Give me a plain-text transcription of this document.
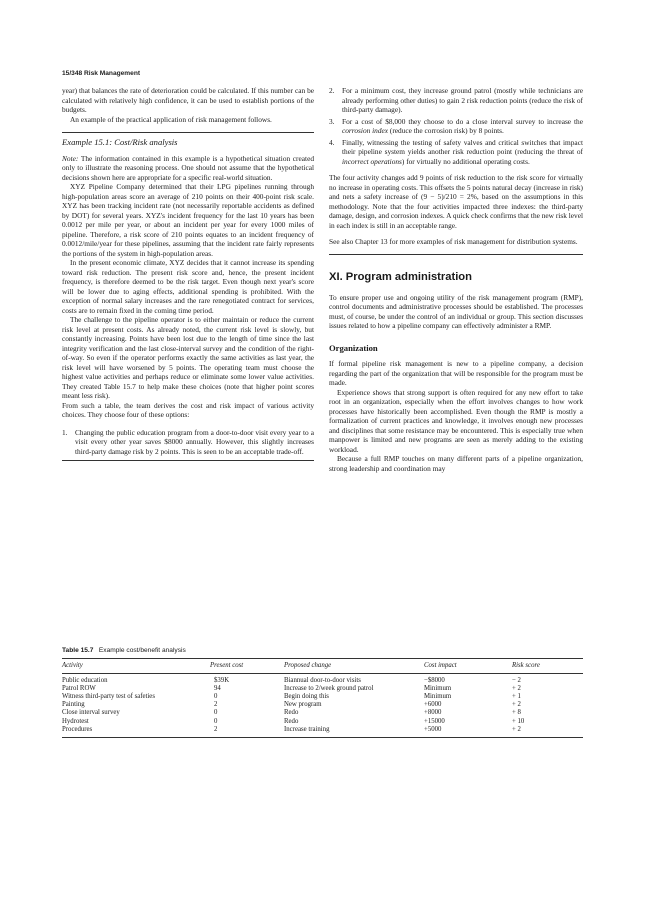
15/348 Risk Management

year) that balances the rate of deterioration could be calculated. If this number can be calculated with relatively high confidence, it can be used to establish portions of the budgets.

An example of the practical application of risk management follows.

Example 15.1: Cost/Risk analysis

Note: The information contained in this example is a hypothetical situation created only to illustrate the reasoning process. One should not assume that the hypothetical decisions shown here are appropriate for a specific real-world situation.

XYZ Pipeline Company determined that their LPG pipelines running through high-population areas score an average of 210 points on their 400-point risk scale. XYZ has been tracking incident rate (not necessarily reportable accidents as defined by DOT) for several years. XYZ's incident frequency for the last 10 years has been 0.0012 per mile per year, or about an incident per year for every 1000 miles of pipeline. Therefore, a risk score of 210 points equates to an incident frequency of 0.0012/mile/year for these pipelines, assuming that the incident rate fairly represents the portions of the system in high-population areas.

In the present economic climate, XYZ decides that it cannot increase its spending toward risk reduction. The present risk score and, hence, the present incident frequency, is therefore deemed to be the risk target. Even though next year's score will be lower due to aging effects, additional spending is prohibited. With the exception of normal salary increases and the rare renegotiated contract for services, costs are to remain fixed in the coming time period.

The challenge to the pipeline operator is to either maintain or reduce the current risk level at present costs. As already noted, the current risk level is slowly, but constantly increasing. Points have been lost due to the length of time since the last integrity verification and the last close-interval survey and the condition of the right-of-way. So even if the operator performs exactly the same activities as last year, the risk level will have worsened by 5 points. The operating team must choose the highest value activities and perhaps reduce or eliminate some lower value activities. They created Table 15.7 to help make these choices (note that higher point scores meant less risk).

From such a table, the team derives the cost and risk impact of various activity choices. They choose four of these options:

1. Changing the public education program from a door-to-door visit every year to a visit every other year saves $8000 annually. However, this slightly increases third-party damage risk by 2 points. This is seen to be an acceptable trade-off.
2. For a minimum cost, they increase ground patrol (mostly while technicians are already performing other duties) to gain 2 risk reduction points (reduce the risk of third-party damage).
3. For a cost of $8,000 they choose to do a close interval survey to increase the corrosion index (reduce the corrosion risk) by 8 points.
4. Finally, witnessing the testing of safety valves and critical switches that impact their pipeline system yields another risk reduction point (reducing the threat of incorrect operations) for virtually no additional operating costs.

The four activity changes add 9 points of risk reduction to the risk score for virtually no increase in operating costs. This offsets the 5 points natural decay (increase in risk) and nets a safety increase of (9 − 5)/210 = 2%, based on the assumptions in this methodology. Note that the four activities impacted three indexes: the third-party damage, design, and corrosion indexes. A quick check confirms that the new risk level in each index is still in an acceptable range.

See also Chapter 13 for more examples of risk management for distribution systems.

XI. Program administration

To ensure proper use and ongoing utility of the risk management program (RMP), control documents and administrative processes should be established. The processes must, of course, be under the control of an individual or group. This section discusses issues related to how a pipeline company can effectively administer a RMP.

Organization

If formal pipeline risk management is new to a pipeline company, a decision regarding the part of the organization that will be responsible for the program must be made.

Experience shows that strong support is often required for any new effort to take root in an organization, especially when the effort involves changes to how work processes have historically been accomplished. Even though the RMP is mostly a formalization of current practices and knowledge, it involves enough new processes and disciplines that some resistance may be encountered. This is especially true when manpower is limited and new programs are seen as merely adding to the existing workload.

Because a full RMP touches on many different parts of a pipeline organization, strong leadership and coordination may

Table 15.7 Example cost/benefit analysis
Activity	Present cost	Proposed change	Cost impact	Risk score
Public education	$39K	Biannual door-to-door visits	−$8000	− 2
Patrol ROW	94	Increase to 2/week ground patrol	Minimum	+ 2
Witness third-party test of safeties	0	Begin doing this	Minimum	+ 1
Painting	2	New program	+6000	+ 2
Close interval survey	0	Redo	+8000	+ 8
Hydrotest	0	Redo	+15000	+ 10
Procedures	2	Increase training	+5000	+ 2
